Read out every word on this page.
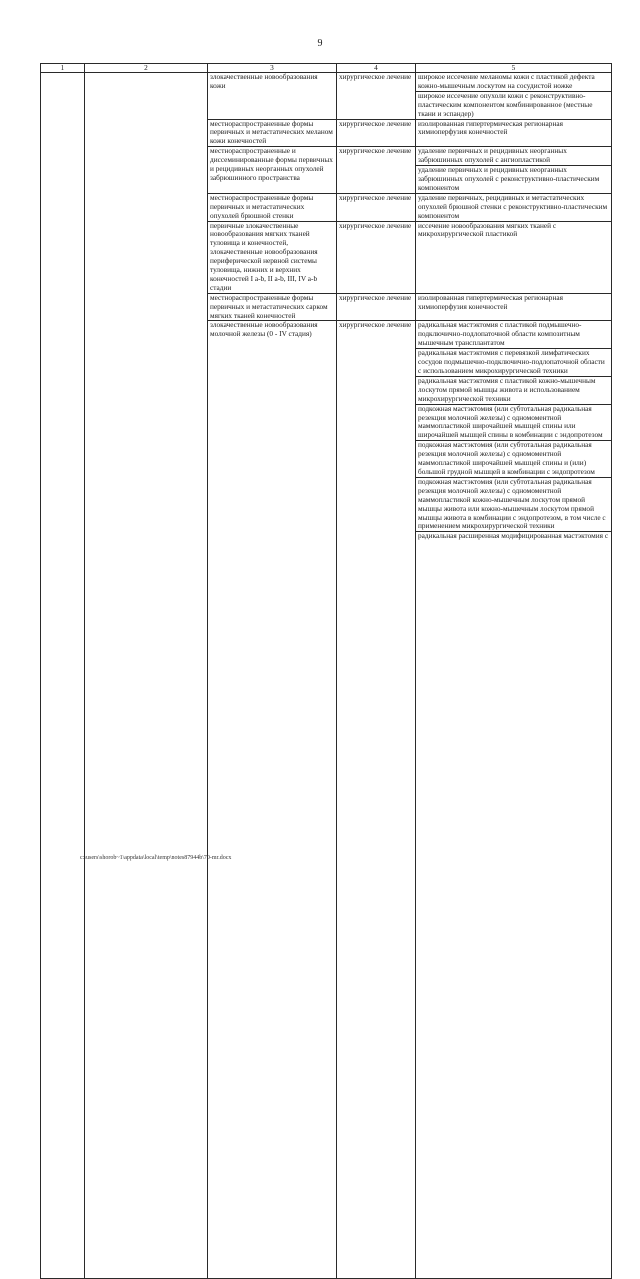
9
1	2	3	4	5
		злокачественные новообразования кожи	хирургическое лечение	широкое иссечение меланомы кожи с пластикой дефекта кожно-мышечным лоскутом на сосудистой ножке
				широкое иссечение опухоли кожи с реконструктивно-пластическим компонентом комбинированное (местные ткани и эспандер)
		местнораспространенные формы первичных и метастатических меланом кожи конечностей	хирургическое лечение	изолированная гипертермическая регионарная химиоперфузия конечностей
		местнораспространенные и диссеминированные формы первичных и рецидивных неорганных опухолей забрюшинного пространства	хирургическое лечение	удаление первичных и рецидивных неорганных забрюшинных опухолей с ангиопластикой
				удаление первичных и рецидивных неорганных забрюшинных опухолей с реконструктивно-пластическим компонентом
		местнораспространенные формы первичных и метастатических опухолей брюшной стенки	хирургическое лечение	удаление первичных, рецидивных и метастатических опухолей брюшной стенки с реконструктивно-пластическим компонентом
		первичные злокачественные новообразования мягких тканей туловища и конечностей, злокачественные новообразования периферической нервной системы туловища, нижних и верхних конечностей I a-b, II a-b, III, IV a-b стадии	хирургическое лечение	иссечение новообразования мягких тканей с микрохирургической пластикой
		местнораспространенные формы первичных и метастатических сарком мягких тканей конечностей	хирургическое лечение	изолированная гипертермическая регионарная химиоперфузия конечностей
		злокачественные новообразования молочной железы (0 - IV стадия)	хирургическое лечение	радикальная мастэктомия с пластикой подмышечно-подключично-подлопаточной области композитным мышечным трансплантатом
				радикальная мастэктомия с перевязкой лимфатических сосудов подмышечно-подключично-подлопаточной области с использованием микрохирургической техники
				радикальная мастэктомия с пластикой кожно-мышечным лоскутом прямой мышцы живота и использованием микрохирургической техники
				подкожная мастэктомия (или субтотальная радикальная резекция молочной железы) с одномоментной маммопластикой широчайшей мышцей спины или широчайшей мышцей спины в комбинации с эндопротезом
				подкожная мастэктомия (или субтотальная радикальная резекция молочной железы) с одномоментной маммопластикой широчайшей мышцей спины и (или) большой грудной мышцей в комбинации с эндопротезом
				подкожная мастэктомия (или субтотальная радикальная резекция молочной железы) с одномоментной маммопластикой кожно-мышечным лоскутом прямой мышцы живота или кожно-мышечным лоскутом прямой мышцы живота в комбинации с эндопротезом, в том числе с применением микрохирургической техники
				радикальная расширенная модифицированная мастэктомия с
c:\users\shorob~1\appdata\local\temp\notes87944b\70-mr.docx
